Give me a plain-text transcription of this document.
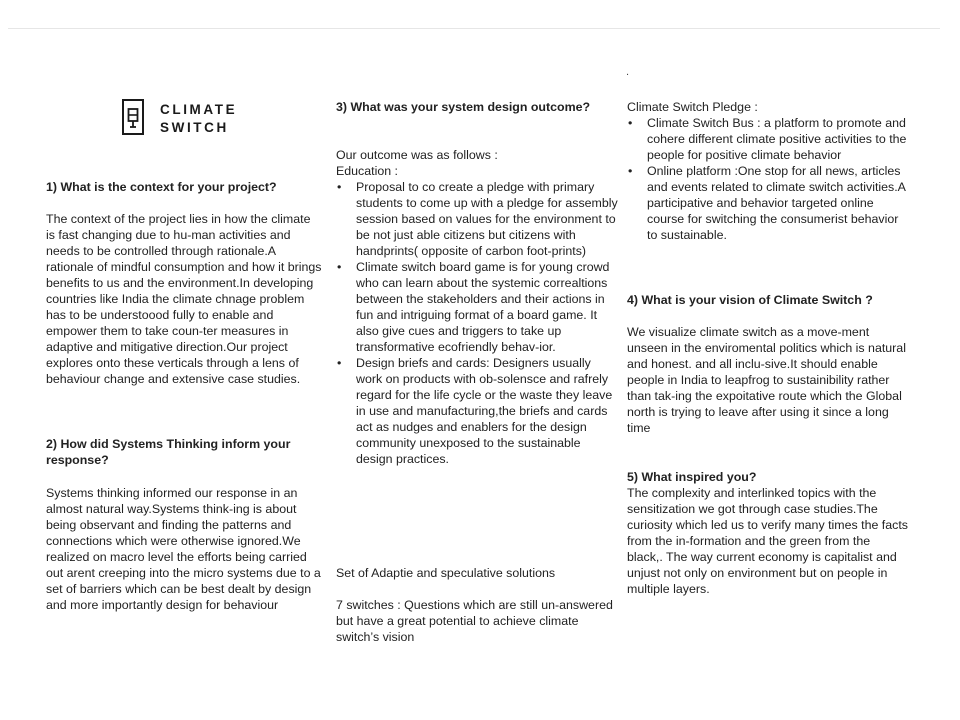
CLIMATE
SWITCH
.

1) What is the context for your project?

The context of the project lies in how the climate is fast changing due to hu-man activities and needs to be controlled through rationale.A rationale of mindful consumption and how it brings benefits to us and the environment.In developing countries like India the climate chnage problem has to be understoood fully to enable and empower them to take coun-ter measures in adaptive and mitigative direction.Our project explores onto these verticals through a lens of behaviour change and extensive case studies.

2) How did Systems Thinking inform your response?

Systems thinking informed our response in an almost natural way.Systems think-ing is about being observant and finding the patterns and connections which were otherwise ignored.We realized on macro level the efforts being carried out arent creeping into the micro systems due to a set of barriers which can be best dealt by design and more importantly design for behaviour

3) What was your system design outcome?

Our outcome was as follows :

Education :

• Proposal to co create a pledge with primary students to come up with a pledge for assembly session based on values for the environment to be not just able citizens but citizens with handprints( opposite of carbon foot-prints)
• Climate switch board game is for young crowd who can learn about the systemic correaltions between the stakeholders and their actions in fun and intriguing format of a board game. It also give cues and triggers to take up transformative ecofriendly behav-ior.
• Design briefs and cards: Designers usually work on products with ob-solensce and rafrely regard for the life cycle or the waste they leave in use and manufacturing,the briefs and cards act as nudges and enablers for the design community unexposed to the sustainable design practices.

Set of Adaptie and speculative solutions

7 switches : Questions which are still un-answered but have a great potential to achieve climate switch’s vision

Climate Switch Pledge :

• Climate Switch Bus : a platform to promote and cohere different climate positive activities to the people for positive climate behavior
• Online platform :One stop for all news, articles and events related to climate switch activities.A participative and behavior targeted online course for switching the consumerist behavior to sustainable.

4) What is your vision of Climate Switch ?

We visualize climate switch as a move-ment unseen in the enviromental politics which is natural and honest. and all inclu-sive.It should enable people in India to leapfrog to sustainibility rather than tak-ing the expoitative route which the Global north is trying to leave after using it since a long time

5) What inspired you?

The complexity and interlinked topics with the sensitization we got through case studies.The curiosity which led us to verify many times the facts from the in-formation and the green from the black,. The way current economy is capitalist and unjust not only on environment but on people in multiple layers.
